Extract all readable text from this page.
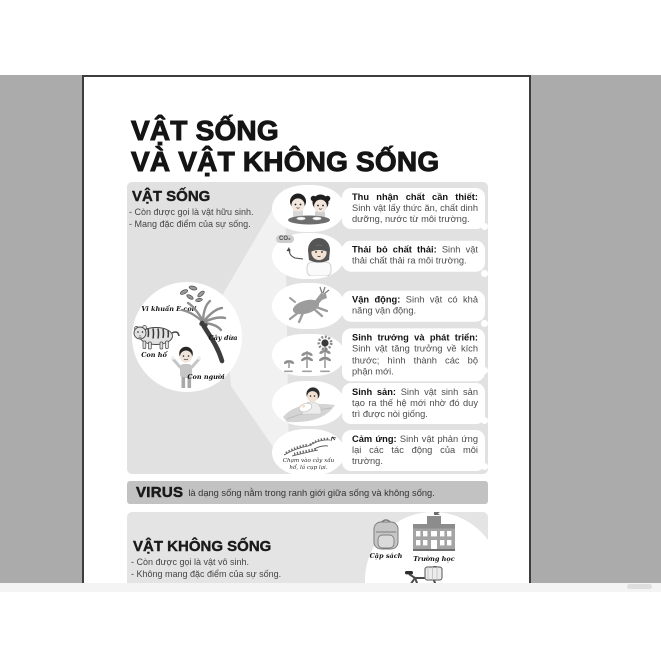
VẬT SỐNG
VÀ VẬT KHÔNG SỐNG
VẬT SỐNG
- Còn được gọi là vật hữu sinh.
- Mang đặc điểm của sự sống.
Vi khuẩn E.coli
Cây dừa
Con hổ
Con người
Thu nhận chất cần thiết: Sinh vật lấy thức ăn, chất dinh dưỡng, nước từ môi trường.
CO₂
Thải bỏ chất thải: Sinh vật thải chất thải ra môi trường.
Vận động: Sinh vật có khả năng vận động.
Sinh trưởng và phát triển: Sinh vật tăng trưởng về kích thước; hình thành các bộ phận mới.
Sinh sản: Sinh vật sinh sản tạo ra thế hệ mới nhờ đó duy trì được nòi giống.
Chạm vào cây xấu hổ, lá cụp lại.
Cảm ứng: Sinh vật phản ứng lại các tác động của môi trường.
VIRUS là dạng sống nằm trong ranh giới giữa sống và không sống.
VẬT KHÔNG SỐNG
- Còn được gọi là vật vô sinh.
- Không mang đặc điểm của sự sống.
Cặp sách Trường học
